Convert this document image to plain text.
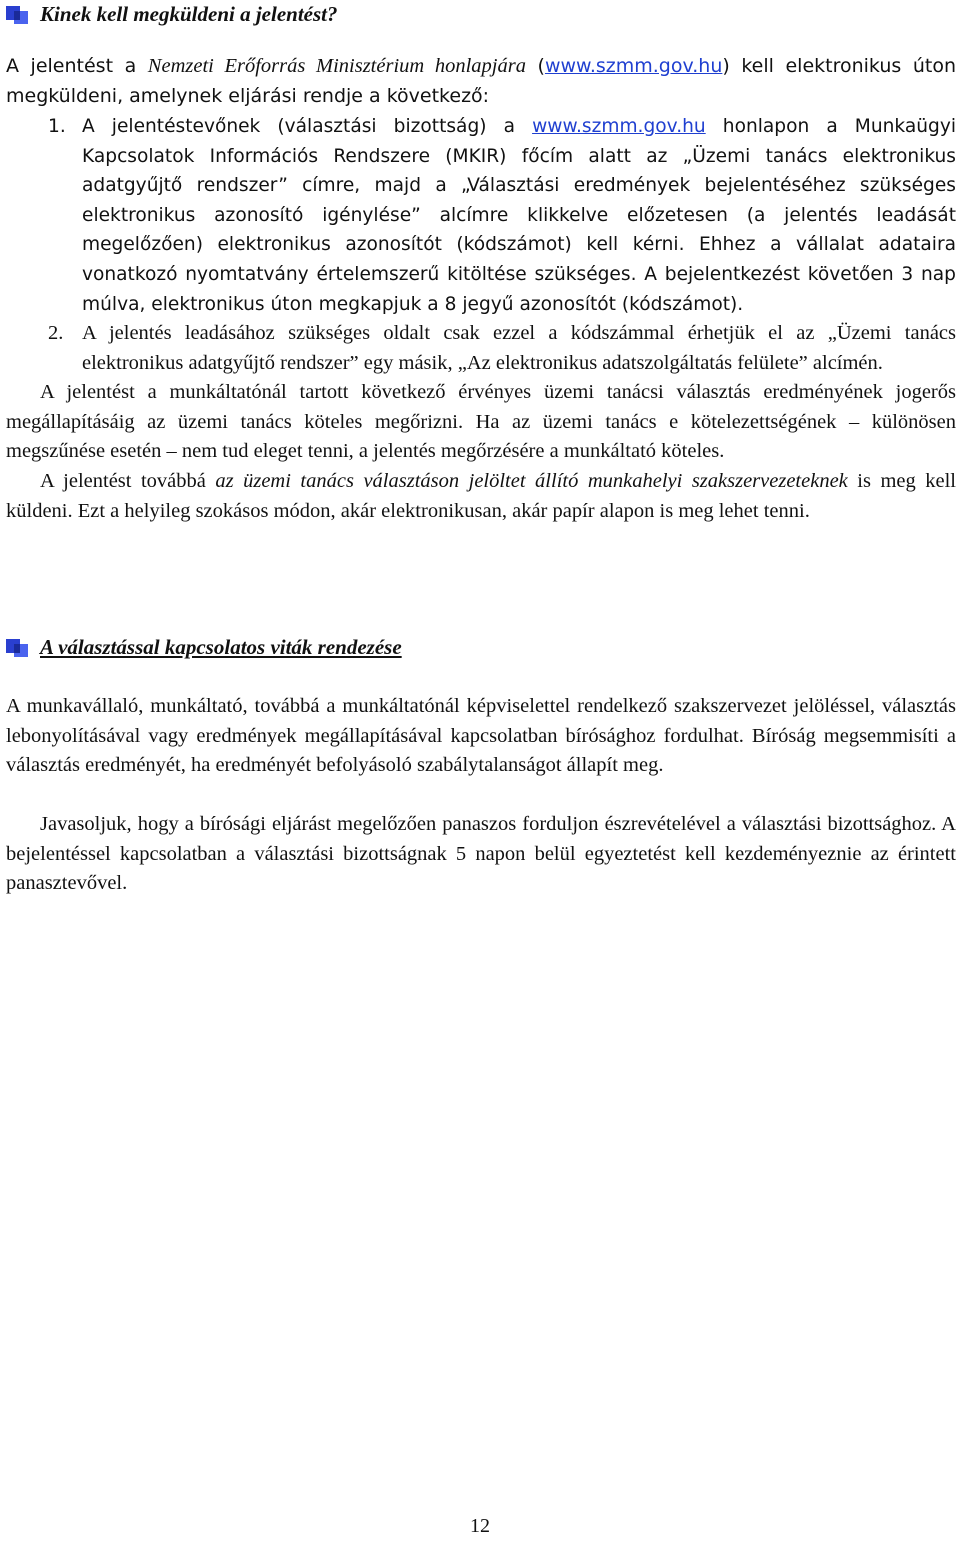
Kinek kell megküldeni a jelentést?

A jelentést a Nemzeti Erőforrás Minisztérium honlapjára (www.szmm.gov.hu) kell elektronikus úton megküldeni, amelynek eljárási rendje a következő:

1. A jelentéstevőnek (választási bizottság) a www.szmm.gov.hu honlapon a Munkaügyi Kapcsolatok Információs Rendszere (MKIR) főcím alatt az „Üzemi tanács elektronikus adatgyűjtő rendszer” címre, majd a „Választási eredmények bejelentéséhez szükséges elektronikus azonosító igénylése” alcímre klikkelve előzetesen (a jelentés leadását megelőzően) elektronikus azonosítót (kódszámot) kell kérni. Ehhez a vállalat adataira vonatkozó nyomtatvány értelemszerű kitöltése szükséges. A bejelentkezést követően 3 nap múlva, elektronikus úton megkapjuk a 8 jegyű azonosítót (kódszámot).
2. A jelentés leadásához szükséges oldalt csak ezzel a kódszámmal érhetjük el az „Üzemi tanács elektronikus adatgyűjtő rendszer” egy másik, „Az elektronikus adatszolgáltatás felülete” alcímén.

A jelentést a munkáltatónál tartott következő érvényes üzemi tanácsi választás eredményének jogerős megállapításáig az üzemi tanács köteles megőrizni. Ha az üzemi tanács e kötelezettségének – különösen megszűnése esetén – nem tud eleget tenni, a jelentés megőrzésére a munkáltató köteles.

A jelentést továbbá az üzemi tanács választáson jelöltet állító munkahelyi szakszervezeteknek is meg kell küldeni. Ezt a helyileg szokásos módon, akár elektronikusan, akár papír alapon is meg lehet tenni.

A választással kapcsolatos viták rendezése

A munkavállaló, munkáltató, továbbá a munkáltatónál képviselettel rendelkező szakszervezet jelöléssel, választás lebonyolításával vagy eredmények megállapításával kapcsolatban bírósághoz fordulhat. Bíróság megsemmisíti a választás eredményét, ha eredményét befolyásoló szabálytalanságot állapít meg.

Javasoljuk, hogy a bírósági eljárást megelőzően panaszos forduljon észrevételével a választási bizottsághoz. A bejelentéssel kapcsolatban a választási bizottságnak 5 napon belül egyeztetést kell kezdeményeznie az érintett panasztevővel.

12
